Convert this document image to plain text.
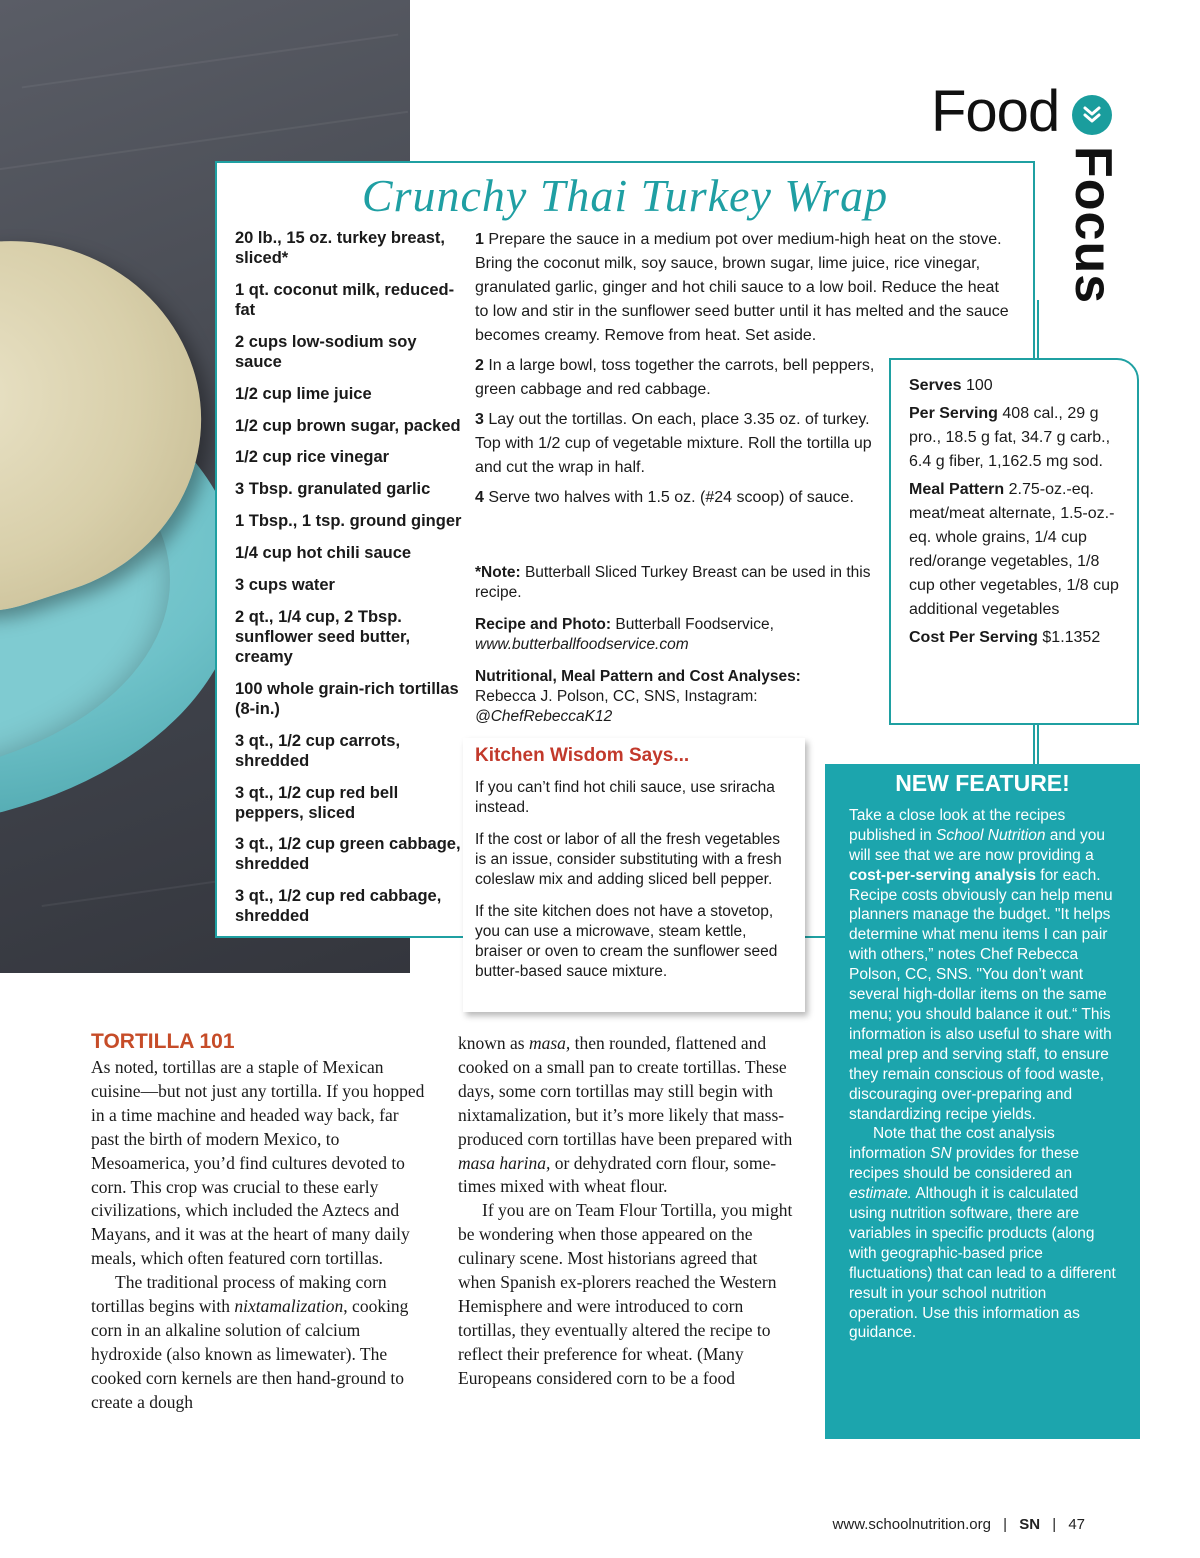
Food
Focus
Crunchy Thai Turkey Wrap
20 lb., 15 oz. turkey breast, sliced*
1 qt. coconut milk, reduced-fat
2 cups low-sodium soy sauce
1/2 cup lime juice
1/2 cup brown sugar, packed
1/2 cup rice vinegar
3 Tbsp. granulated garlic
1 Tbsp., 1 tsp. ground ginger
1/4 cup hot chili sauce
3 cups water
2 qt., 1/4 cup, 2 Tbsp. sunflower seed butter, creamy
100 whole grain-rich tortillas (8-in.)
3 qt., 1/2 cup carrots, shredded
3 qt., 1/2 cup red bell peppers, sliced
3 qt., 1/2 cup green cabbage, shredded
3 qt., 1/2 cup red cabbage, shredded
1 Prepare the sauce in a medium pot over medium-high heat on the stove. Bring the coconut milk, soy sauce, brown sugar, lime juice, rice vinegar, granulated garlic, ginger and hot chili sauce to a low boil. Reduce the heat to low and stir in the sunflower seed butter until it has melted and the sauce becomes creamy. Remove from heat. Set aside.
2 In a large bowl, toss together the carrots, bell peppers, green cabbage and red cabbage.
3 Lay out the tortillas. On each, place 3.35 oz. of turkey. Top with 1/2 cup of vegetable mixture. Roll the tortilla up and cut the wrap in half.
4 Serve two halves with 1.5 oz. (#24 scoop) of sauce.

*Note: Butterball Sliced Turkey Breast can be used in this recipe.

Recipe and Photo: Butterball Foodservice,
www.butterballfoodservice.com

Nutritional, Meal Pattern and Cost Analyses:
Rebecca J. Polson, CC, SNS, Instagram:
@ChefRebeccaK12

Serves 100

Per Serving 408 cal., 29 g pro., 18.5 g fat, 34.7 g carb., 6.4 g fiber, 1,162.5 mg sod.

Meal Pattern 2.75-oz.-eq. meat/meat alternate, 1.5-oz.-eq. whole grains, 1/4 cup red/orange vegetables, 1/8 cup other vegetables, 1/8 cup additional vegetables

Cost Per Serving $1.1352

Kitchen Wisdom Says...

If you can’t find hot chili sauce, use sriracha instead.

If the cost or labor of all the fresh vegetables is an issue, consider substituting with a fresh coleslaw mix and adding sliced bell pepper.

If the site kitchen does not have a stovetop, you can use a microwave, steam kettle, braiser or oven to cream the sunflower seed butter-based sauce mixture.

NEW FEATURE!

Take a close look at the recipes published in School Nutrition and you will see that we are now providing a cost-per-serving analysis for each. Recipe costs obviously can help menu planners manage the budget. "It helps determine what menu items I can pair with others,” notes Chef Rebecca Polson, CC, SNS. "You don’t want several high-dollar items on the same menu; you should balance it out.“ This information is also useful to share with meal prep and serving staff, to ensure they remain conscious of food waste, discouraging over-preparing and standardizing recipe yields.

Note that the cost analysis information SN provides for these recipes should be considered an estimate. Although it is calculated using nutrition software, there are variables in specific products (along with geographic-based price fluctuations) that can lead to a different result in your school nutrition operation. Use this information as guidance.

TORTILLA 101

As noted, tortillas are a staple of Mexican cuisine—but not just any tortilla. If you hopped in a time machine and headed way back, far past the birth of modern Mexico, to Mesoamerica, you’d find cultures devoted to corn. This crop was crucial to these early civilizations, which included the Aztecs and Mayans, and it was at the heart of many daily meals, which often featured corn tortillas.

The traditional process of making corn tortillas begins with nixtamalization, cooking corn in an alkaline solution of calcium hydroxide (also known as limewater). The cooked corn kernels are then hand-ground to create a dough

known as masa, then rounded, flattened and cooked on a small pan to create tortillas. These days, some corn tortillas may still begin with nixtamalization, but it’s more likely that mass-produced corn tortillas have been prepared with masa harina, or dehydrated corn flour, some-times mixed with wheat flour.

If you are on Team Flour Tortilla, you might be wondering when those appeared on the culinary scene. Most historians agreed that when Spanish ex-plorers reached the Western Hemisphere and were introduced to corn tortillas, they eventually altered the recipe to reflect their preference for wheat. (Many Europeans considered corn to be a food

www.schoolnutrition.org | SN | 47
